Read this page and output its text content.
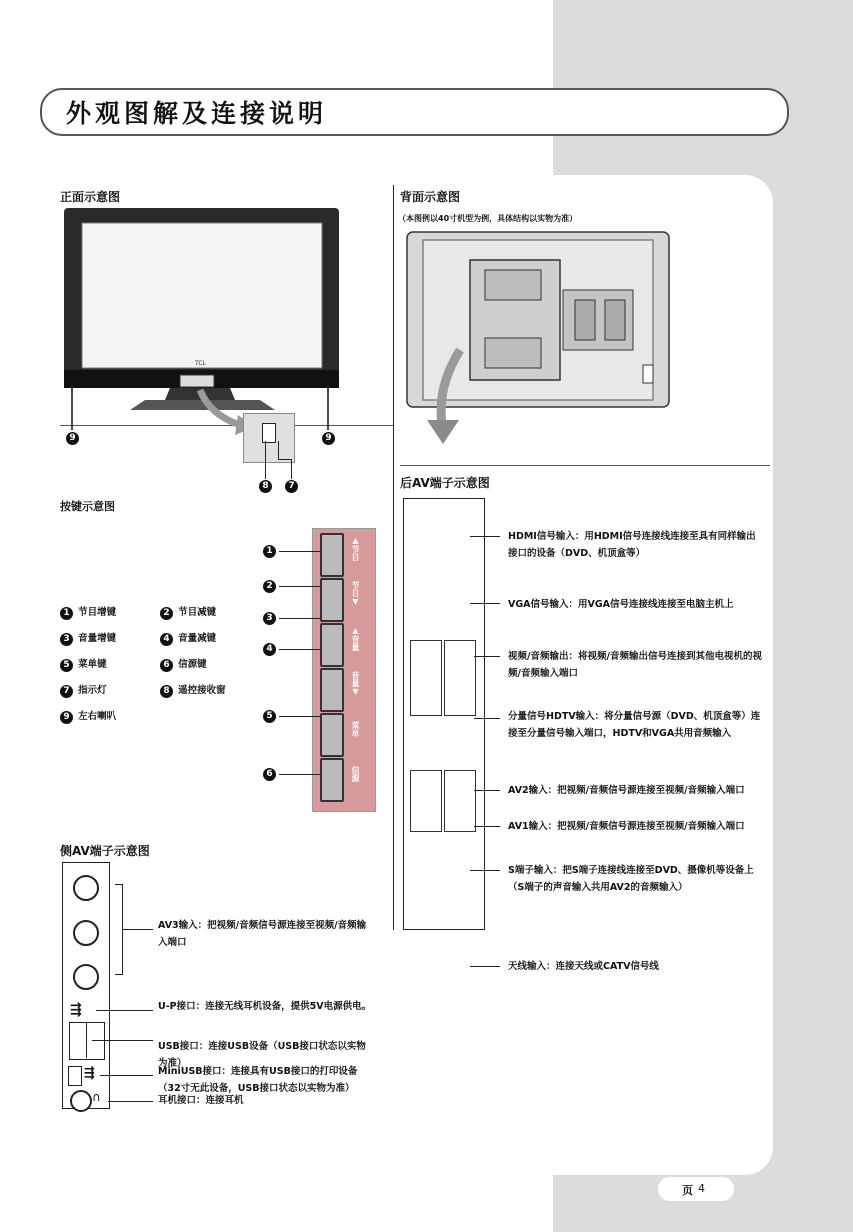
外观图解及连接说明
正面示意图
TCL
8	7
9	9
按键示意图
▲节目
节目▼
▲音量
音量▼
菜单
信源
1
2
3
4
5
6
1 节目增键	2 节目减键
3 音量增键	4 音量减键
5 菜单键	6 信源键
7 指示灯	8 遥控接收窗
9 左右喇叭
侧AV端子示意图
AV3输入：把视频/音频信号源连接至视频/音频输入端口
⇶	U-P接口：连接无线耳机设备，提供5V电源供电。
USB接口：连接USB设备（USB接口状态以实物为准）
⇶	MiniUSB接口：连接具有USB接口的打印设备（32寸无此设备，USB接口状态以实物为准）
∩	耳机接口：连接耳机
背面示意图
（本图例以40寸机型为例，具体结构以实物为准）
后AV端子示意图
HDMI信号输入：用HDMI信号连接线连接至具有同样输出接口的设备（DVD、机顶盒等）
VGA信号输入：用VGA信号连接线连接至电脑主机上
视频/音频输出：将视频/音频输出信号连接到其他电视机的视频/音频输入端口
分量信号HDTV输入：将分量信号源（DVD、机顶盒等）连接至分量信号输入端口，HDTV和VGA共用音频输入
AV2输入：把视频/音频信号源连接至视频/音频输入端口
AV1输入：把视频/音频信号源连接至视频/音频输入端口
S端子输入：把S端子连接线连接至DVD、摄像机等设备上（S端子的声音输入共用AV2的音频输入）
天线输入：连接天线或CATV信号线
页 4
